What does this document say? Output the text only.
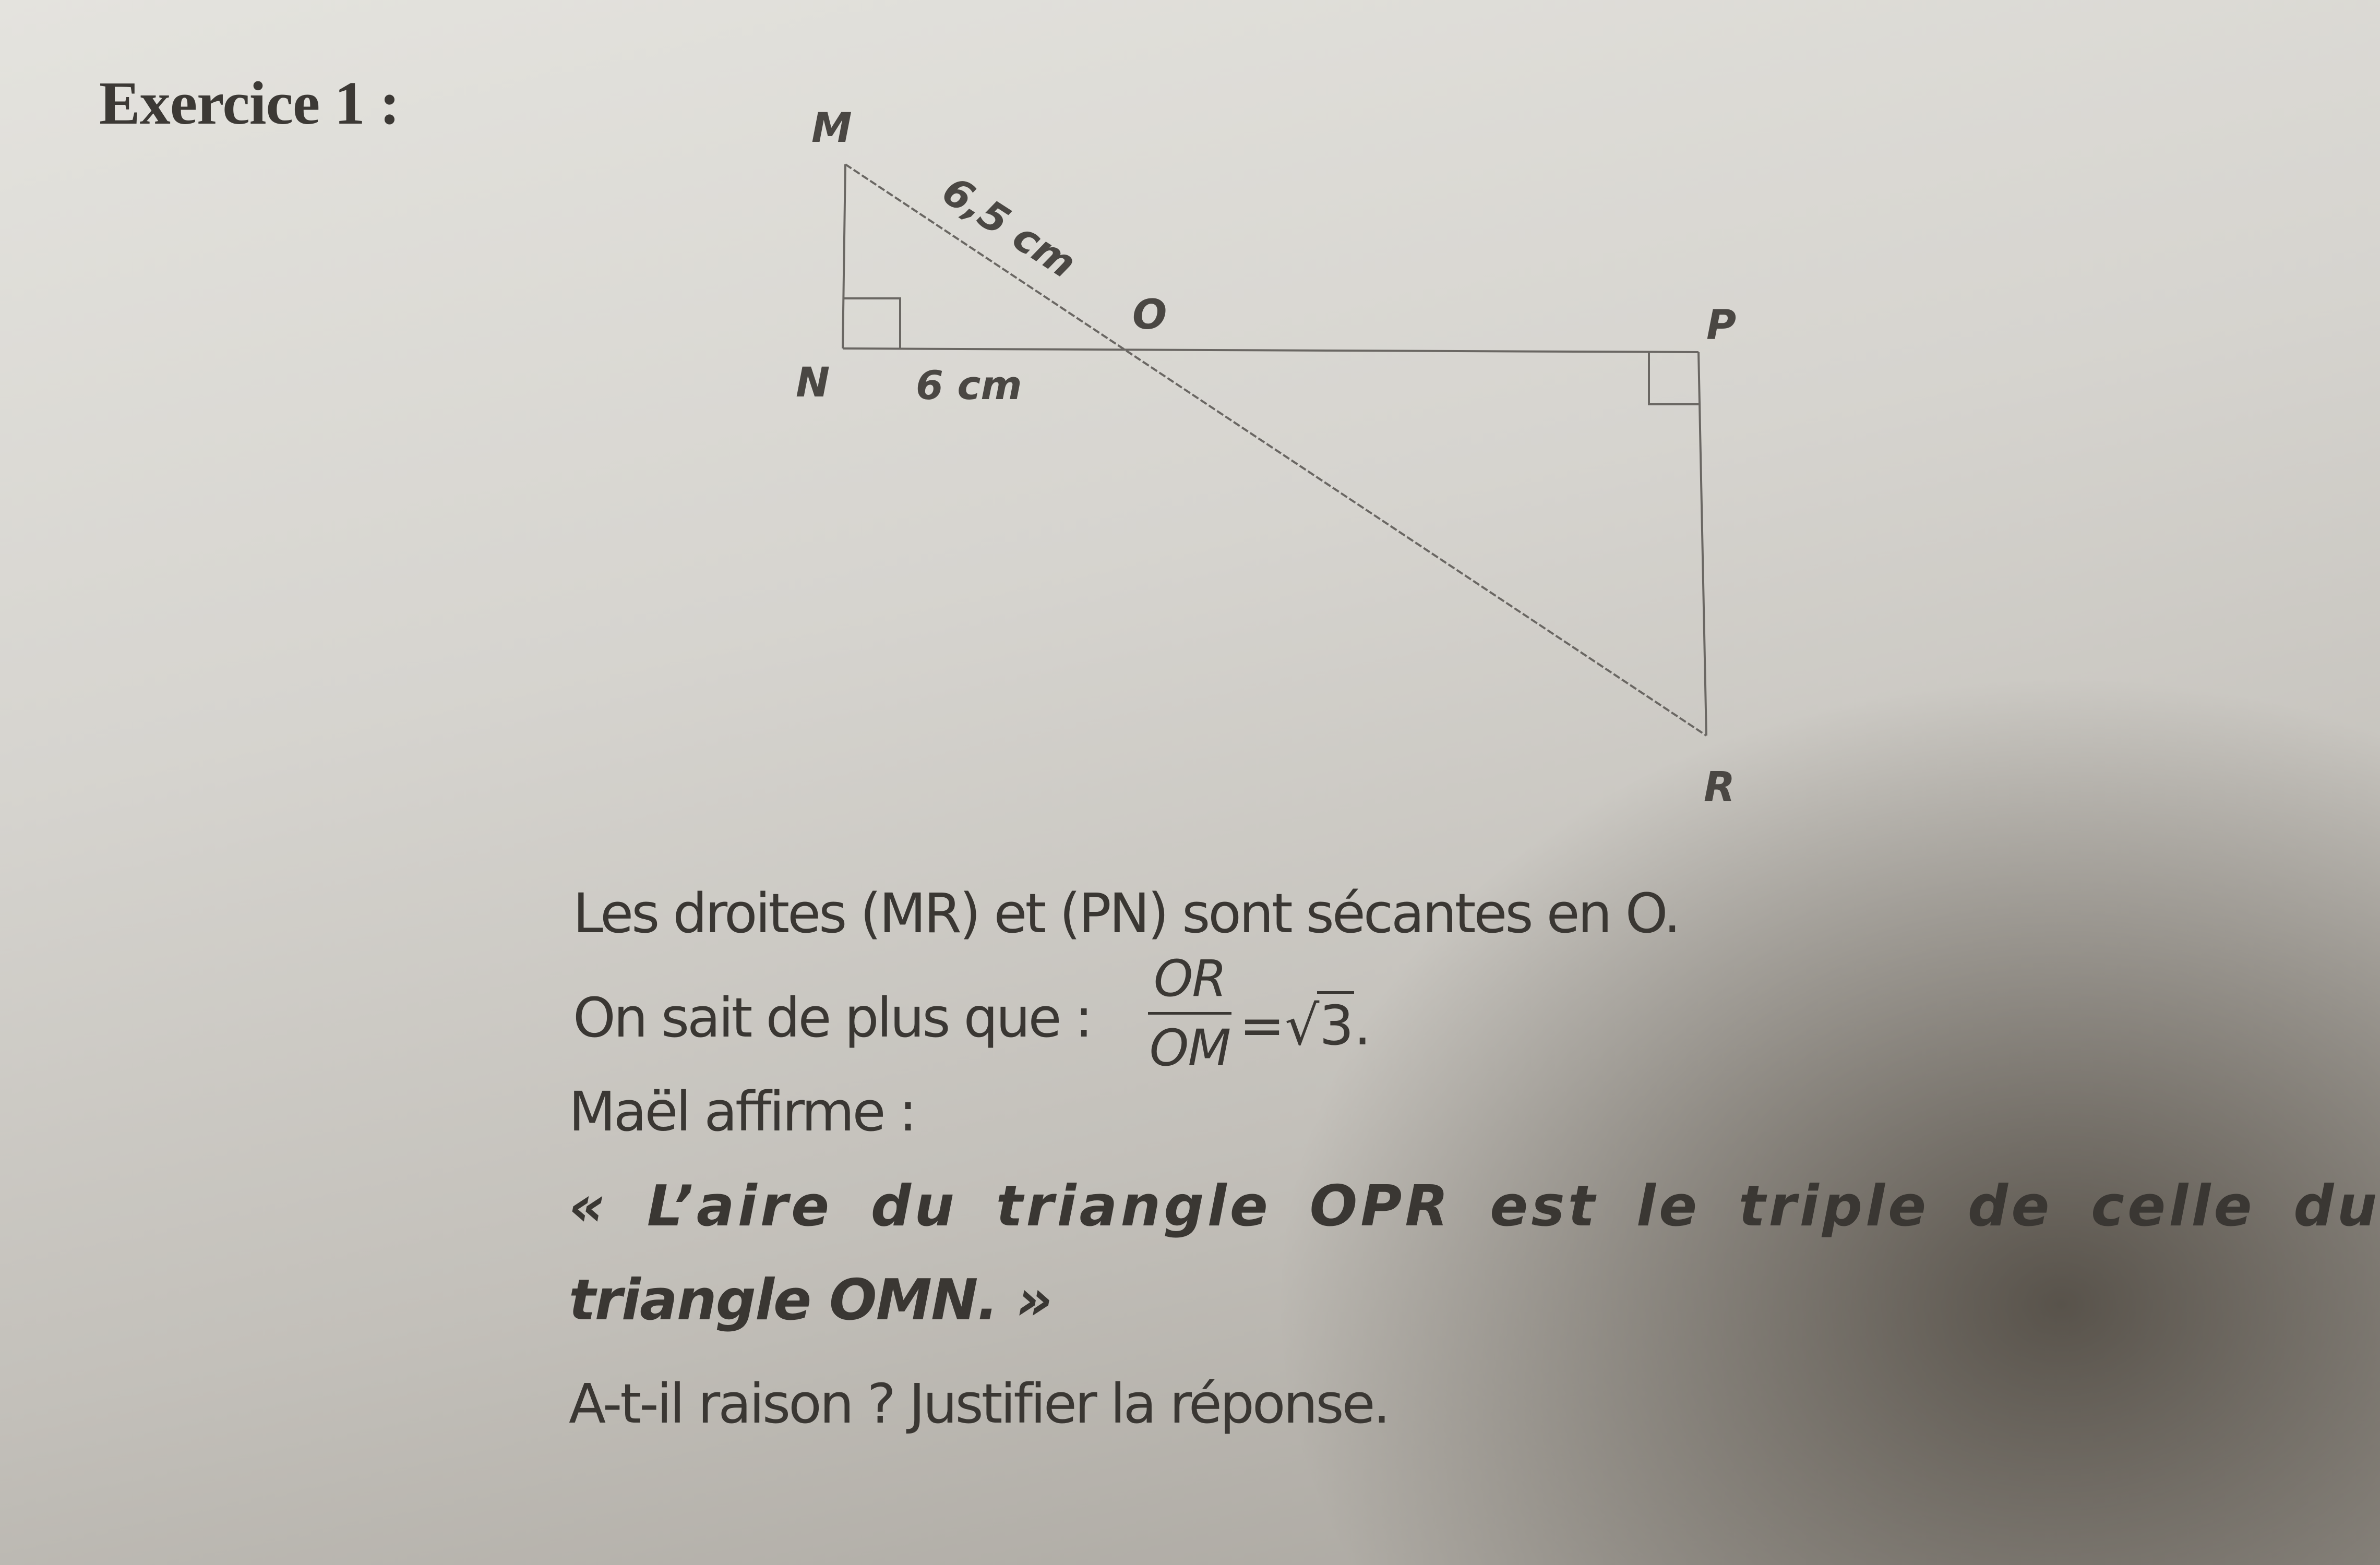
Exercice 1 :	M
N
O	P
R
6,5 cm
6 cm
Les droites (MR) et (PN) sont sécantes en O.
On sait de plus que :
OR
OM =√3.
Maël affirme :
« L’aire du triangle OPR est le triple de celle du
triangle OMN. »
A-t-il raison ? Justifier la réponse.
